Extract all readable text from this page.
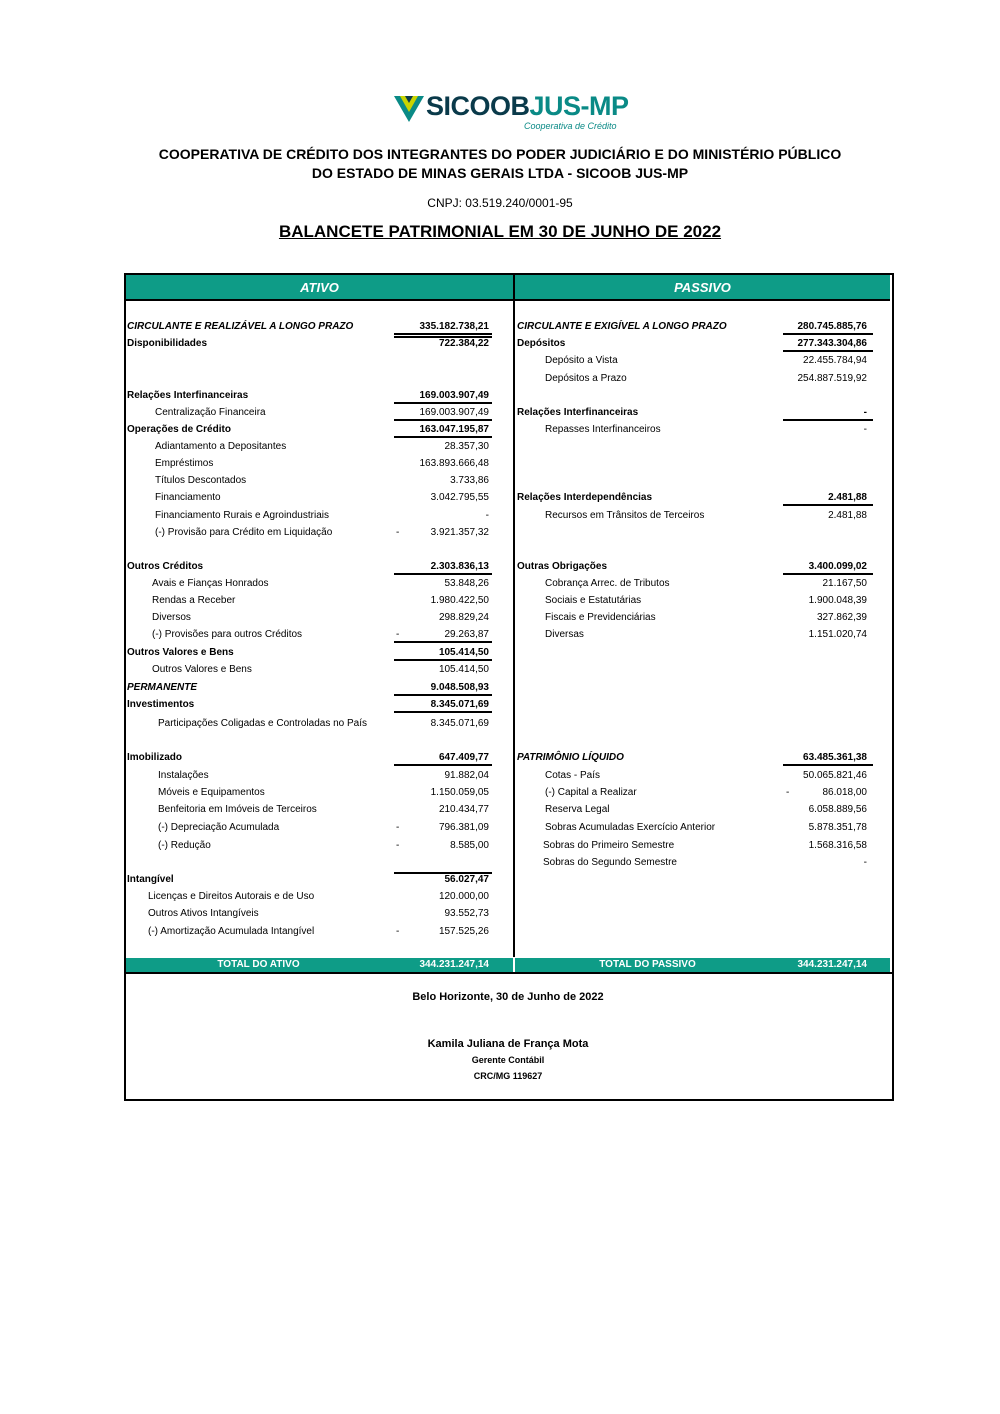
SICOOBJUS-MP
Cooperativa de Crédito
COOPERATIVA DE CRÉDITO DOS INTEGRANTES DO PODER JUDICIÁRIO E DO MINISTÉRIO PÚBLICO
DO ESTADO DE MINAS GERAIS LTDA - SICOOB JUS-MP
CNPJ: 03.519.240/0001-95
BALANCETE PATRIMONIAL EM 30 DE JUNHO DE 2022
ATIVO	PASSIVO
CIRCULANTE E REALIZÁVEL A LONGO PRAZO	335.182.738,21
Disponibilidades	722.384,22
Relações Interfinanceiras	169.003.907,49
Centralização Financeira	169.003.907,49
Operações de Crédito	163.047.195,87
Adiantamento a Depositantes	28.357,30
Empréstimos	163.893.666,48
Títulos Descontados	3.733,86
Financiamento	3.042.795,55
Financiamento Rurais e Agroindustriais	-
(-) Provisão para Crédito em Liquidação	-	3.921.357,32
Outros Créditos	2.303.836,13
Avais e Fianças Honrados	53.848,26
Rendas a Receber	1.980.422,50
Diversos	298.829,24
(-) Provisões para outros Créditos	-	29.263,87
Outros Valores e Bens	105.414,50
Outros Valores e Bens	105.414,50
PERMANENTE	9.048.508,93
Investimentos	8.345.071,69
Participações Coligadas e Controladas no País	8.345.071,69
Imobilizado	647.409,77
Instalações	91.882,04
Móveis e Equipamentos	1.150.059,05
Benfeitoria em Imóveis de Terceiros	210.434,77
(-) Depreciação Acumulada	-	796.381,09
(-) Redução	-	8.585,00
Intangível	56.027,47
Licenças e Direitos Autorais e de Uso	120.000,00
Outros Ativos Intangíveis	93.552,73
(-) Amortização Acumulada Intangível	-	157.525,26
CIRCULANTE E EXIGÍVEL A LONGO PRAZO	280.745.885,76
Depósitos	277.343.304,86
Depósito a Vista	22.455.784,94
Depósitos a Prazo	254.887.519,92
Relações Interfinanceiras	-
Repasses Interfinanceiros	-
Relações Interdependências	2.481,88
Recursos em Trânsitos de Terceiros	2.481,88
Outras Obrigações	3.400.099,02
Cobrança Arrec. de Tributos	21.167,50
Sociais e Estatutárias	1.900.048,39
Fiscais e Previdenciárias	327.862,39
Diversas	1.151.020,74
PATRIMÔNIO LÍQUIDO	63.485.361,38
Cotas - País	50.065.821,46
(-) Capital a Realizar	-	86.018,00
Reserva Legal	6.058.889,56
Sobras Acumuladas Exercício Anterior	5.878.351,78
Sobras do Primeiro Semestre	1.568.316,58
Sobras do Segundo Semestre	-
TOTAL DO ATIVO	344.231.247,14	TOTAL DO PASSIVO	344.231.247,14
Belo Horizonte, 30 de Junho de 2022
Kamila Juliana de França Mota
Gerente Contábil
CRC/MG 119627
